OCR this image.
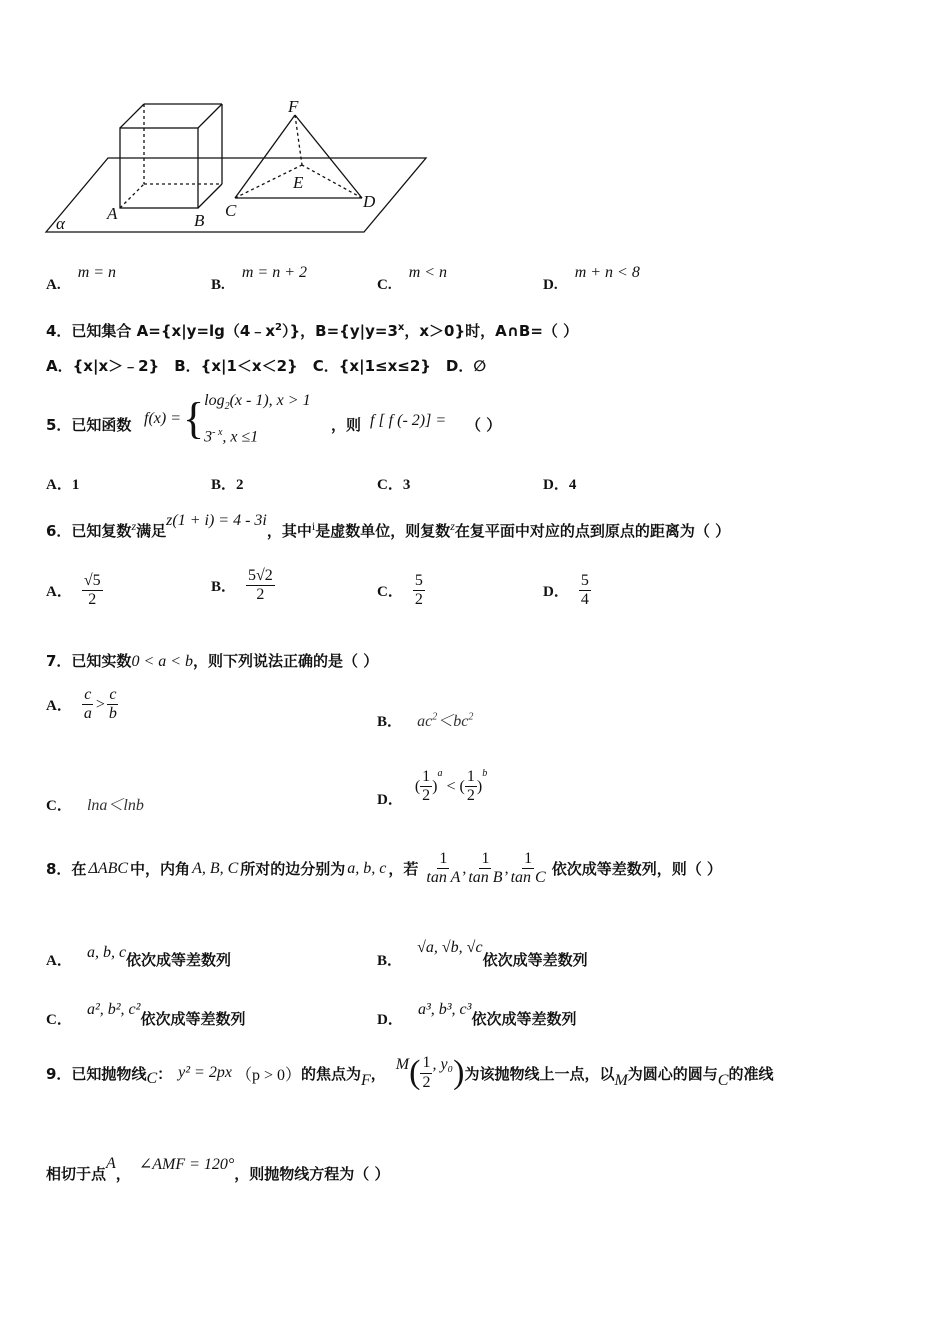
α
A	B
F
C
E
D
A. m = n
B. m = n + 2
C. m < n
D. m + n < 8
4．已知集合 $A=\{x|y=\lg(4﹣x^2)\}$，$B=\{y|y=3^x$，x＞0}时，A∩B=（ ）
A．{x|x＞﹣2}　B．{x|1＜x＜2}　C．{x|1≤x≤2}　D．∅
5．已知函数 f(x) = { $\log_2(x - 1)$, x > 1
$3^{- x}$, x ≤1
，则 f [ f (- 2)] = （ ）
A．1	B．2	C．3	D．4
6．已知复数$^z$满足z(1 + i) = 4 - 3i，其中$^i$是虚数单位，则复数$^z$在复平面中对应的点到原点的距离为（ ）
A． $\frac{√5}{2}$	B． $\frac{5√2}{2}$	C． $\frac{5}{2}$	D． $\frac{5}{4}$
7．已知实数0 < a < b，则下列说法正确的是（ ）
A． $\frac{c}{a} > \frac{c}{b}$	B． $ac^2<bc^2$
C． lna＜lnb	D．
( $\frac{1}{2}$ )
a
< ( $\frac{1}{2}$ )
b
8．在 ΔABC 中，内角 A, B, C 所对的边分别为 a, b, c ，若 $\frac{1}{\text{tan A}}$ , $\frac{1}{\text{tan B}}$ , $\frac{1}{\text{tan C}}$ 依次成等差数列，则（ ）
A． a, b, c依次成等差数列	B． √a, √b, √c依次成等差数列
C． a², b², c²依次成等差数列	D． a³, b³, c³依次成等差数列
9．已知抛物线 C ： y² = 2px （p > 0） 的焦点为 F ， M ( $\frac{1}{2}$ , y₀ ) 为该抛物线上一点，以 M 为圆心的圆与 C 的准线
相切于点
A
，
∠AMF = 120°
，则抛物线方程为（ ）
